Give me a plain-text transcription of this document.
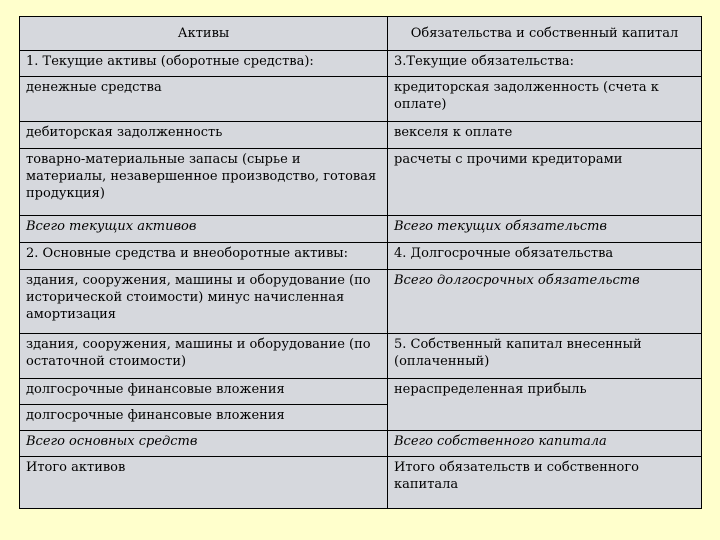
Активы	Обязательства и собственный капитал
1. Текущие активы (оборотные средства):	3.Текущие обязательства:
денежные средства	кредиторская задолженность (счета к оплате)
дебиторская задолженность	векселя к оплате
товарно-материальные запасы (сырье и материалы, незавершенное производство, готовая продукция)	расчеты с прочими кредиторами
Всего текущих активов	Всего текущих обязательств
2. Основные средства и внеоборотные активы:	4. Долгосрочные обязательства
здания, сооружения, машины и оборудование (по исторической стоимости) минус начисленная амортизация	Всего долгосрочных обязательств
здания, сооружения, машины и оборудование (по остаточной стоимости)	5. Собственный капитал внесенный (оплаченный)
долгосрочные финансовые вложения	нераспределенная прибыль
долгосрочные финансовые вложения	
Всего основных средств	Всего собственного капитала
Итого активов	Итого обязательств и собственного капитала
